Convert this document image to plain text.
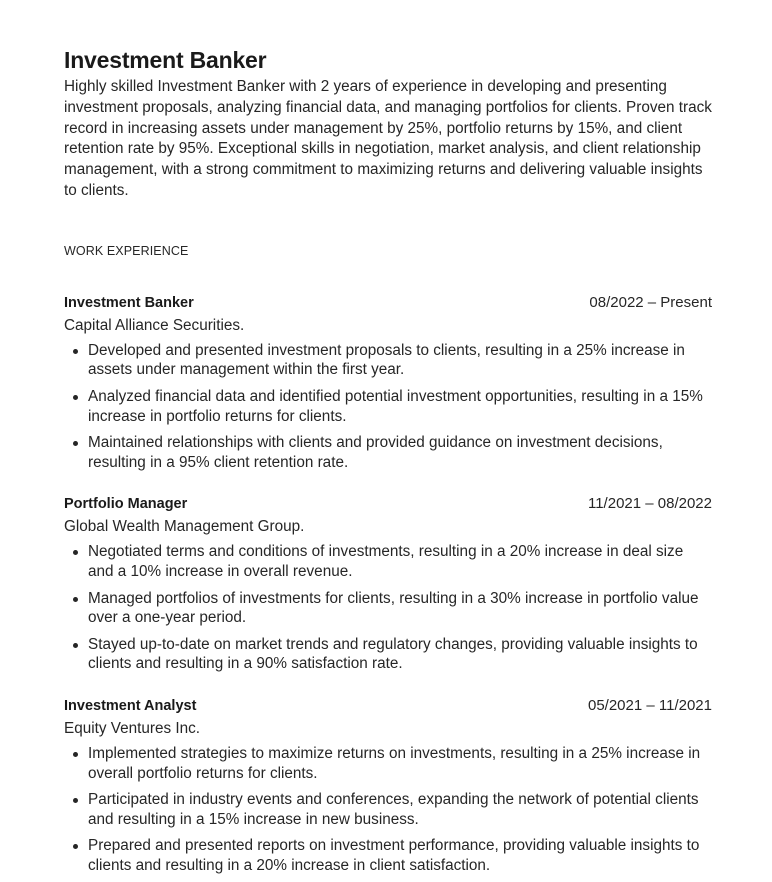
Investment Banker

Highly skilled Investment Banker with 2 years of experience in developing and presenting investment proposals, analyzing financial data, and managing portfolios for clients. Proven track record in increasing assets under management by 25%, portfolio returns by 15%, and client retention rate by 95%. Exceptional skills in negotiation, market analysis, and client relationship management, with a strong commitment to maximizing returns and delivering valuable insights to clients.

WORK EXPERIENCE
Investment Banker	08/2022 – Present
Capital Alliance Securities.
Developed and presented investment proposals to clients, resulting in a 25% increase in assets under management within the first year.
Analyzed financial data and identified potential investment opportunities, resulting in a 15% increase in portfolio returns for clients.
Maintained relationships with clients and provided guidance on investment decisions, resulting in a 95% client retention rate.
Portfolio Manager	11/2021 – 08/2022
Global Wealth Management Group.
Negotiated terms and conditions of investments, resulting in a 20% increase in deal size and a 10% increase in overall revenue.
Managed portfolios of investments for clients, resulting in a 30% increase in portfolio value over a one-year period.
Stayed up-to-date on market trends and regulatory changes, providing valuable insights to clients and resulting in a 90% satisfaction rate.
Investment Analyst	05/2021 – 11/2021
Equity Ventures Inc.
Implemented strategies to maximize returns on investments, resulting in a 25% increase in overall portfolio returns for clients.
Participated in industry events and conferences, expanding the network of potential clients and resulting in a 15% increase in new business.
Prepared and presented reports on investment performance, providing valuable insights to clients and resulting in a 20% increase in client satisfaction.
